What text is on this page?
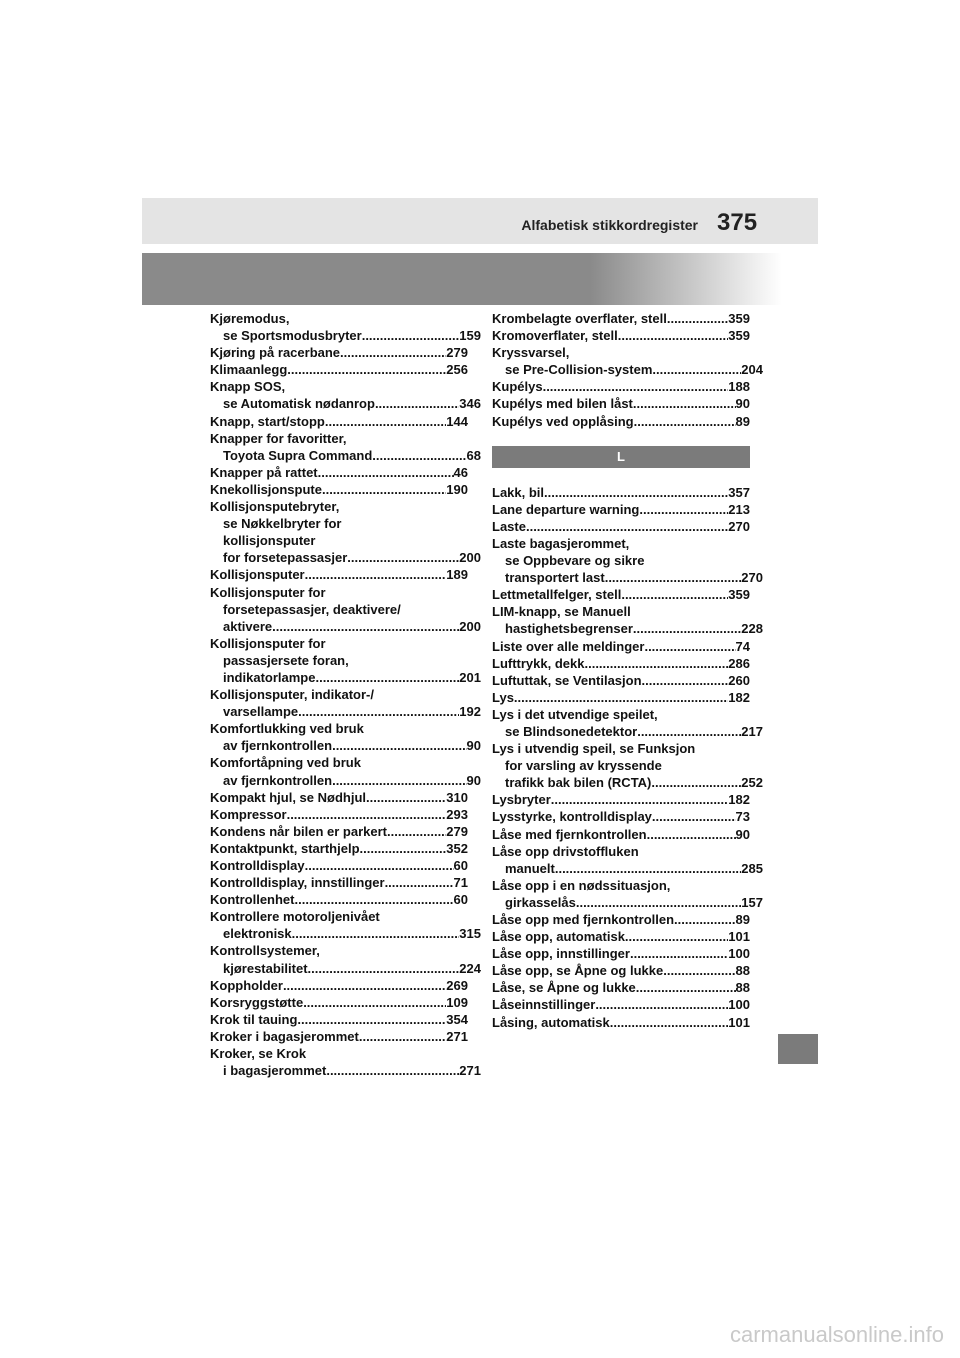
Alfabetisk stikkordregister 375
Kjøremodus,
se Sportsmodusbryter .....	159
Kjøring på racerbane .....	279
Klimaanlegg .....	256
Knapp SOS,
se Automatisk nødanrop .....	346
Knapp, start/stopp .....	144
Knapper for favoritter,
Toyota Supra Command .....	68
Knapper på rattet .....	46
Knekollisjonspute .....	190
Kollisjonsputebryter,
se Nøkkelbryter for
kollisjonsputer
for forsetepassasjer .....	200
Kollisjonsputer .....	189
Kollisjonsputer for
forsetepassasjer, deaktivere/
aktivere .....	200
Kollisjonsputer for
passasjersete foran,
indikatorlampe .....	201
Kollisjonsputer, indikator-/
varsellampe .....	192
Komfortlukking ved bruk
av fjernkontrollen .....	90
Komfortåpning ved bruk
av fjernkontrollen .....	90
Kompakt hjul, se Nødhjul .....	310
Kompressor .....	293
Kondens når bilen er parkert .....	279
Kontaktpunkt, starthjelp .....	352
Kontrolldisplay .....	60
Kontrolldisplay, innstillinger .....	71
Kontrollenhet .....	60
Kontrollere motoroljenivået
elektronisk .....	315
Kontrollsystemer,
kjørestabilitet .....	224
Koppholder .....	269
Korsryggstøtte .....	109
Krok til tauing .....	354
Kroker i bagasjerommet .....	271
Kroker, se Krok
i bagasjerommet .....	271
Krombelagte overflater, stell .....	359
Kromoverflater, stell .....	359
Kryssvarsel,
se Pre-Collision-system .....	204
Kupélys .....	188
Kupélys med bilen låst .....	90
Kupélys ved opplåsing .....	89
L
Lakk, bil .....	357
Lane departure warning .....	213
Laste .....	270
Laste bagasjerommet,
se Oppbevare og sikre
transportert last .....	270
Lettmetallfelger, stell .....	359
LIM-knapp, se Manuell
hastighetsbegrenser .....	228
Liste over alle meldinger .....	74
Lufttrykk, dekk .....	286
Luftuttak, se Ventilasjon .....	260
Lys .....	182
Lys i det utvendige speilet,
se Blindsonedetektor .....	217
Lys i utvendig speil, se Funksjon
for varsling av kryssende
trafikk bak bilen (RCTA) .....	252
Lysbryter .....	182
Lysstyrke, kontrolldisplay .....	73
Låse med fjernkontrollen .....	90
Låse opp drivstoffluken
manuelt .....	285
Låse opp i en nødssituasjon,
girkasselås .....	157
Låse opp med fjernkontrollen .....	89
Låse opp, automatisk .....	101
Låse opp, innstillinger .....	100
Låse opp, se Åpne og lukke .....	88
Låse, se Åpne og lukke .....	88
Låseinnstillinger .....	100
Låsing, automatisk .....	101
carmanualsonline.info
